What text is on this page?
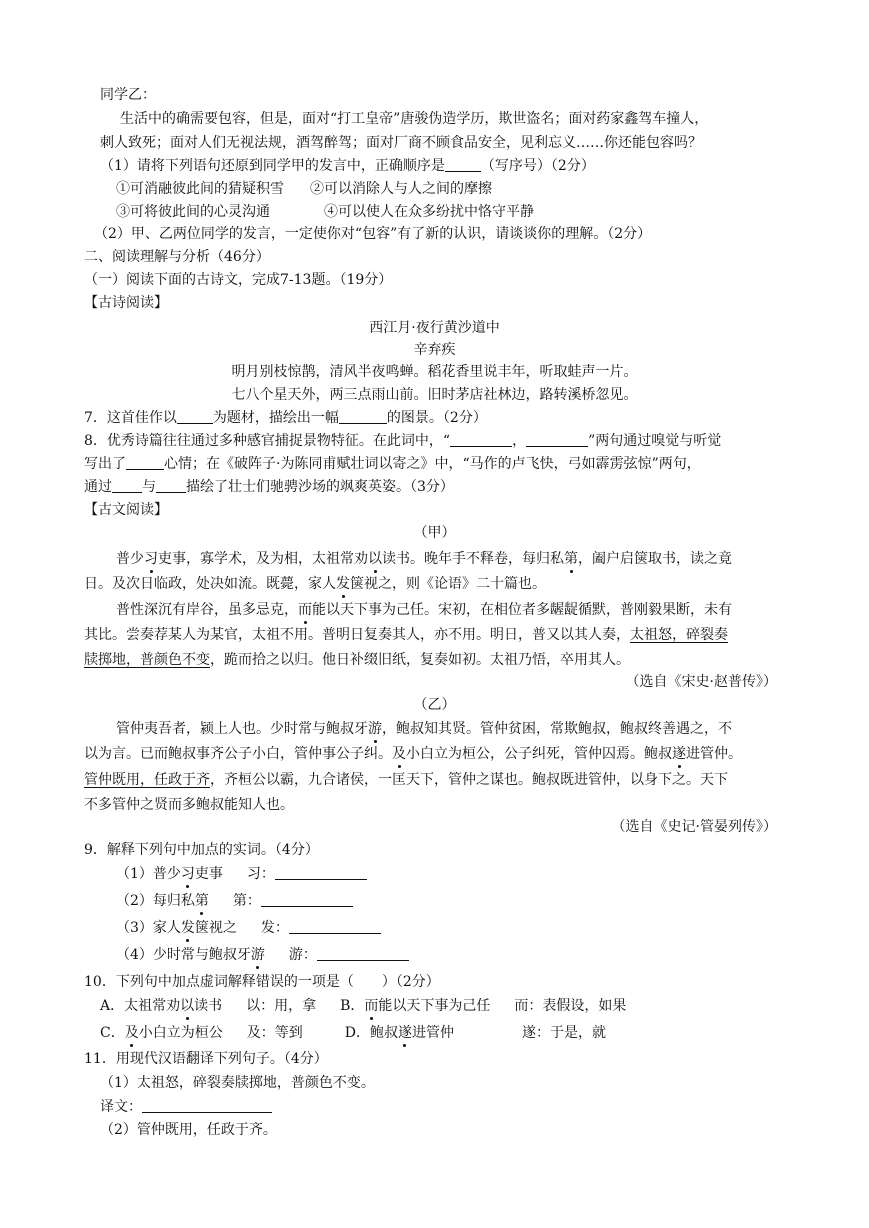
同学乙：
生活中的确需要包容，但是，面对“打工皇帝”唐骏伪造学历，欺世盗名；面对药家鑫驾车撞人，
刺人致死；面对人们无视法规，酒驾醉驾；面对厂商不顾食品安全，见利忘义……你还能包容吗？
（1）请将下列语句还原到同学甲的发言中，正确顺序是	（写序号）（2分）
①可消融彼此间的猜疑积雪 ②可以消除人与人之间的摩擦
③可将彼此间的心灵沟通	④可以使人在众多纷扰中恪守平静
（2）甲、乙两位同学的发言，一定使你对“包容”有了新的认识，请谈谈你的理解。（2分）
二、阅读理解与分析（46分）
（一）阅读下面的古诗文，完成7-13题。（19分）
【古诗阅读】
西江月·夜行黄沙道中
辛弃疾
明月别枝惊鹊，清风半夜鸣蝉。稻花香里说丰年，听取蛙声一片。
七八个星天外，两三点雨山前。旧时茅店社林边，路转溪桥忽见。
7．这首佳作以	为题材，描绘出一幅	的图景。（2分）
8．优秀诗篇往往通过多种感官捕捉景物特征。在此词中，“	，	”两句通过嗅觉与听觉
写出了	心情；在《破阵子·为陈同甫赋壮词以寄之》中，“马作的卢飞快，弓如霹雳弦惊”两句，
通过 与 描绘了壮士们驰骋沙场的飒爽英姿。（3分）
【古文阅读】
（甲）
普少习吏事，寡学术，及为相，太祖常劝以读书。晚年手不释卷，每归私第，阖户启箧取书，读之竟
日。及次日临政，处决如流。既薨，家人发箧视之，则《论语》二十篇也。
普性深沉有岸谷，虽多忌克，而能以天下事为己任。宋初，在相位者多龌龊循默，普刚毅果断，未有
其比。尝奏荐某人为某官，太祖不用。普明日复奏其人，亦不用。明日，普又以其人奏，太祖怒，碎裂奏
牍掷地，普颜色不变，跪而拾之以归。他日补缀旧纸，复奏如初。太祖乃悟，卒用其人。
（选自《宋史·赵普传》）
（乙）
管仲夷吾者，颍上人也。少时常与鲍叔牙游，鲍叔知其贤。管仲贫困，常欺鲍叔，鲍叔终善遇之，不
以为言。已而鲍叔事齐公子小白，管仲事公子纠。及小白立为桓公，公子纠死，管仲囚焉。鲍叔遂进管仲。
管仲既用，任政于齐，齐桓公以霸，九合诸侯，一匡天下，管仲之谋也。鲍叔既进管仲，以身下之。天下
不多管仲之贤而多鲍叔能知人也。
（选自《史记·管晏列传》）
9．解释下列句中加点的实词。（4分）
（1）普少习吏事 习：
（2）每归私第 第：
（3）家人发箧视之 发：
（4）少时常与鲍叔牙游 游：
10．下列句中加点虚词解释错误的一项是（　　）（2分）
A．太祖常劝以读书 以：用，拿 B．而能以天下事为己任 而：表假设，如果
C．及小白立为桓公 及：等到	D．鲍叔遂进管仲	遂：于是，就
11．用现代汉语翻译下列句子。（4分）
（1）太祖怒，碎裂奏牍掷地，普颜色不变。
译文：
（2）管仲既用，任政于齐。
